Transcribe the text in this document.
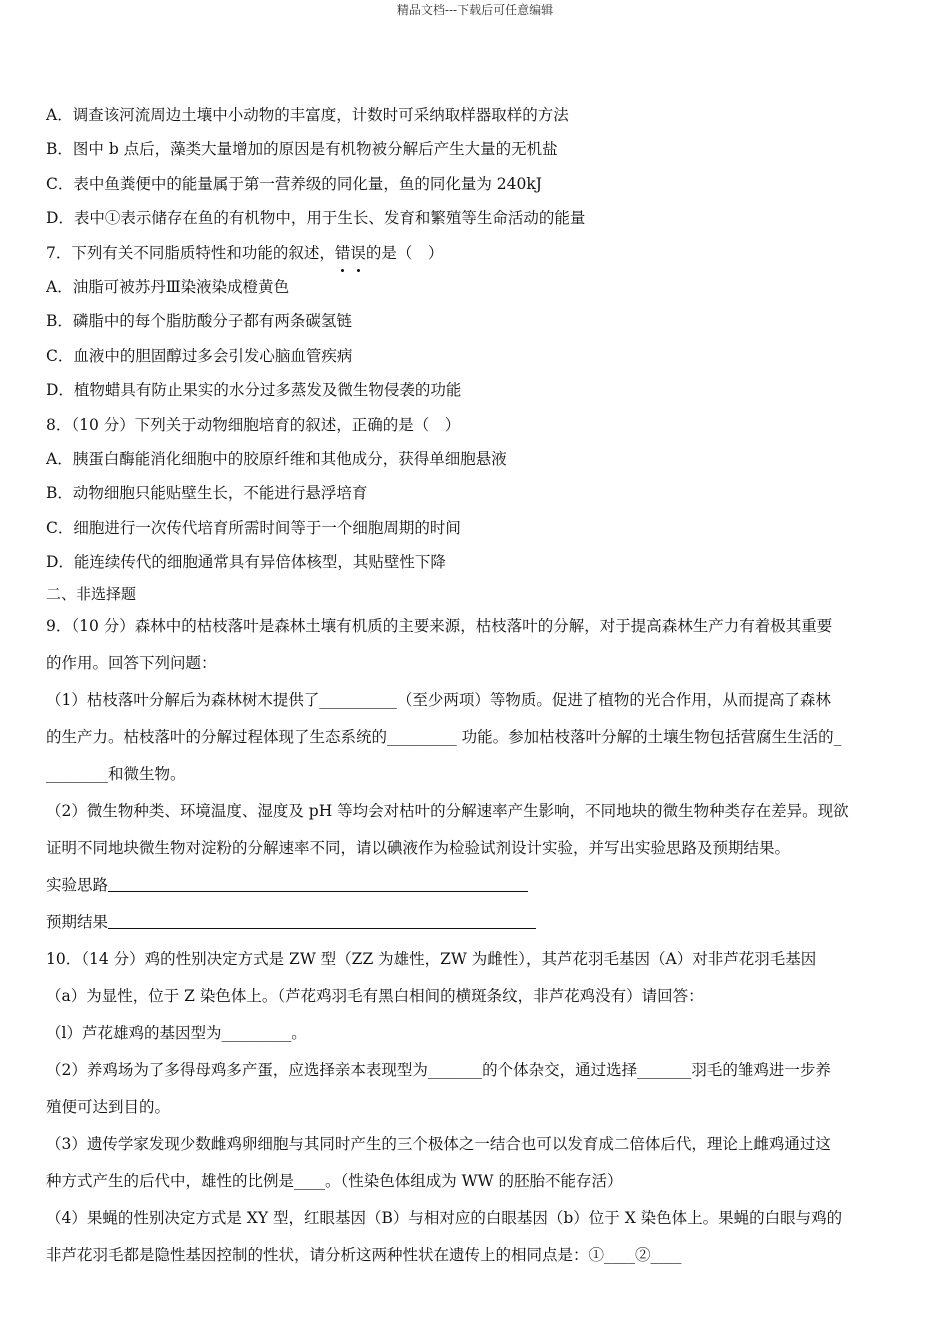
精品文档---下载后可任意编辑
A．调查该河流周边土壤中小动物的丰富度，计数时可采纳取样器取样的方法
B．图中 b 点后，藻类大量增加的原因是有机物被分解后产生大量的无机盐
C．表中鱼粪便中的能量属于第一营养级的同化量，鱼的同化量为 240kJ
D．表中①表示储存在鱼的有机物中，用于生长、发育和繁殖等生命活动的能量
7．下列有关不同脂质特性和功能的叙述，错误的是（　）
A．油脂可被苏丹Ⅲ染液染成橙黄色
B．磷脂中的每个脂肪酸分子都有两条碳氢链
C．血液中的胆固醇过多会引发心脑血管疾病
D．植物蜡具有防止果实的水分过多蒸发及微生物侵袭的功能
8．（10 分）下列关于动物细胞培育的叙述，正确的是（　）
A．胰蛋白酶能消化细胞中的胶原纤维和其他成分，获得单细胞悬液
B．动物细胞只能贴壁生长，不能进行悬浮培育
C．细胞进行一次传代培育所需时间等于一个细胞周期的时间
D．能连续传代的细胞通常具有异倍体核型，其贴壁性下降
二、非选择题
9．（10 分）森林中的枯枝落叶是森林土壤有机质的主要来源，枯枝落叶的分解，对于提高森林生产力有着极其重要
的作用。回答下列问题：
（1）枯枝落叶分解后为森林树木提供了__________（至少两项）等物质。促进了植物的光合作用，从而提高了森林
的生产力。枯枝落叶的分解过程体现了生态系统的_________ 功能。参加枯枝落叶分解的土壤生物包括营腐生生活的_
________和微生物。
（2）微生物种类、环境温度、湿度及 pH 等均会对枯叶的分解速率产生影响，不同地块的微生物种类存在差异。现欲
证明不同地块微生物对淀粉的分解速率不同，请以碘液作为检验试剂设计实验，并写出实验思路及预期结果。
实验思路
预期结果
10．（14 分）鸡的性别决定方式是 ZW 型（ZZ 为雄性，ZW 为雌性），其芦花羽毛基因（A）对非芦花羽毛基因
（a）为显性，位于 Z 染色体上。（芦花鸡羽毛有黑白相间的横斑条纹，非芦花鸡没有）请回答：
（l）芦花雄鸡的基因型为_________。
（2）养鸡场为了多得母鸡多产蛋，应选择亲本表现型为_______的个体杂交，通过选择_______羽毛的雏鸡进一步养
殖便可达到目的。
（3）遗传学家发现少数雌鸡卵细胞与其同时产生的三个极体之一结合也可以发育成二倍体后代，理论上雌鸡通过这
种方式产生的后代中，雄性的比例是____。（性染色体组成为 WW 的胚胎不能存活）
（4）果蝇的性别决定方式是 XY 型，红眼基因（B）与相对应的白眼基因（b）位于 X 染色体上。果蝇的白眼与鸡的
非芦花羽毛都是隐性基因控制的性状，请分析这两种性状在遗传上的相同点是：①____②____
